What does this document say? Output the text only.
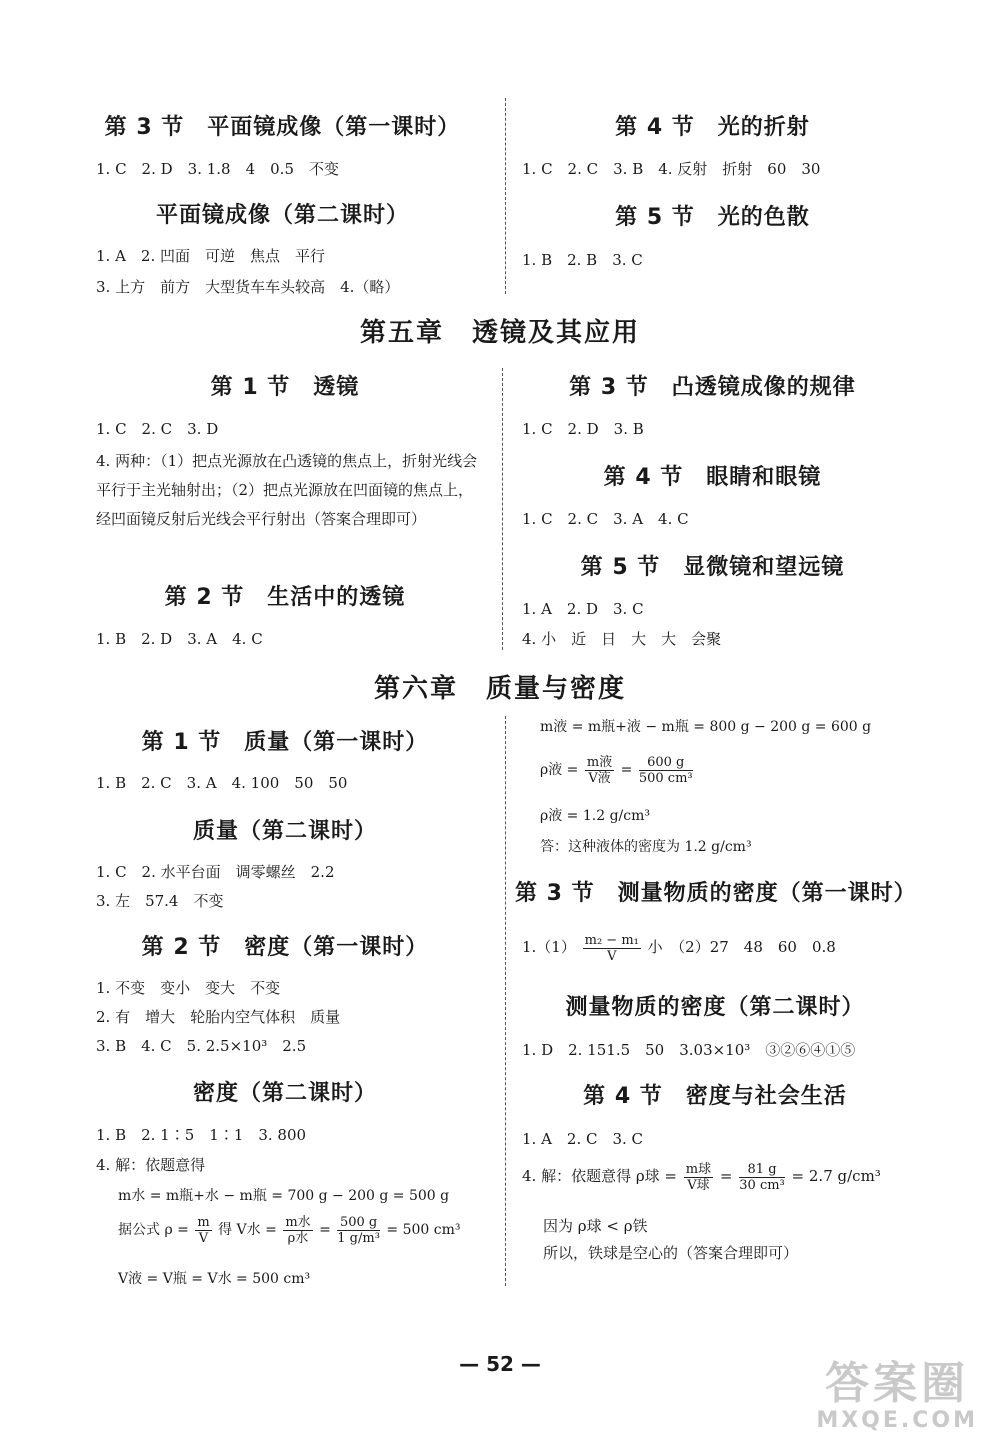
第 3 节　平面镜成像（第一课时）
1. C　2. D　3. 1.8　4　0.5　不变
平面镜成像（第二课时）
1. A　2. 凹面　可逆　焦点　平行
3. 上方　前方　大型货车车头较高　4.（略）
第 4 节　光的折射
1. C　2. C　3. B　4. 反射　折射　60　30
第 5 节　光的色散
1. B　2. B　3. C
第五章　透镜及其应用
第 1 节　透镜
1. C　2. C　3. D
4. 两种：（1）把点光源放在凸透镜的焦点上，折射光线会平行于主光轴射出；（2）把点光源放在凹面镜的焦点上，经凹面镜反射后光线会平行射出（答案合理即可）
第 2 节　生活中的透镜
1. B　2. D　3. A　4. C
第 3 节　凸透镜成像的规律
1. C　2. D　3. B
第 4 节　眼睛和眼镜
1. C　2. C　3. A　4. C
第 5 节　显微镜和望远镜
1. A　2. D　3. C
4. 小　近　日　大　大　会聚
第六章　质量与密度
第 1 节　质量（第一课时）
1. B　2. C　3. A　4. 100　50　50
质量（第二课时）
1. C　2. 水平台面　调零螺丝　2.2
3. 左　57.4　不变
第 2 节　密度（第一课时）
1. 不变　变小　变大　不变
2. 有　增大　轮胎内空气体积　质量
3. B　4. C　5. 2.5×10³　2.5
密度（第二课时）
1. B　2. 1∶5　1∶1　3. 800
4. 解：依题意得
m水 = m瓶+水 − m瓶 = 700 g − 200 g = 500 g
据公式 $\rho = \frac{m}{V}$ 得 V水 = $\frac{\text{m水}}{\text{ρ水}} = \frac{500 g}{\text{1 g/m³}} = 500$ cm³
V液 = V瓶 = V水 = 500 cm³
m液 = m瓶+液 − m瓶 = 800 g − 200 g = 600 g
ρ液 = $\frac{\text{m液}}{\text{V液}} = \frac{600 g}{\text{500 cm³}}$
ρ液 = 1.2 g/cm³
答：这种液体的密度为 1.2 g/cm³
第 3 节　测量物质的密度（第一课时）
$1.(1) \frac{\text{m₂ − m₁}}{V}$ 小　（2）27　48　60　0.8
测量物质的密度（第二课时）
1. D　2. 151.5　50　3.03×10³　③②⑥④①⑤
第 4 节　密度与社会生活
1. A　2. C　3. C
4. 解：依题意得 ρ球 = $\frac{\text{m球}}{\text{V球}} = \frac{81 g}{\text{30 cm³}} = 2.7$ g/cm³
因为 ρ球 < ρ铁
所以，铁球是空心的（答案合理即可）
— 52 —	答案圈
MXQE.COM
